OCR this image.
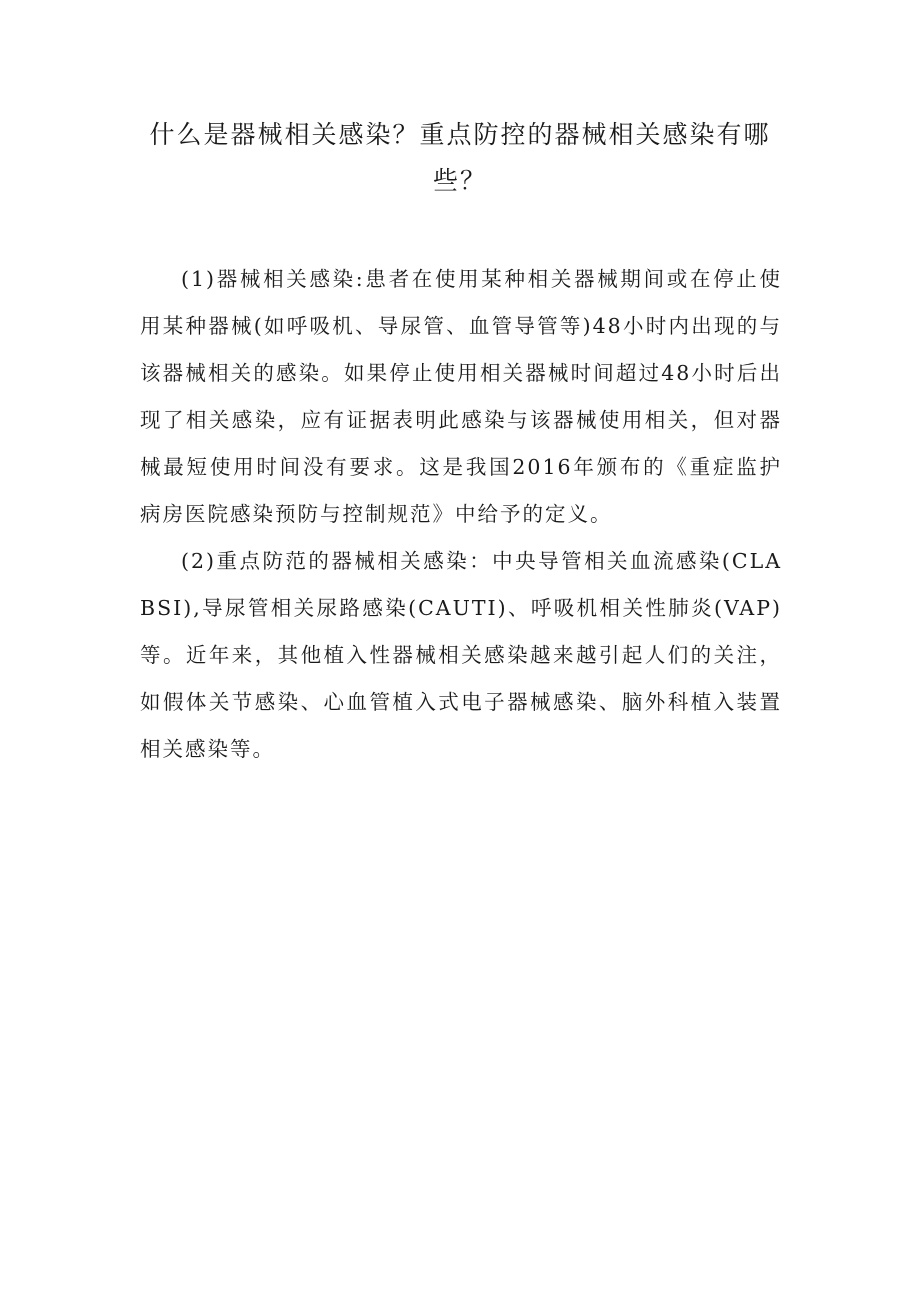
什么是器械相关感染？重点防控的器械相关感染有哪些？

(1)器械相关感染:患者在使用某种相关器械期间或在停止使用某种器械(如呼吸机、导尿管、血管导管等)48小时内出现的与该器械相关的感染。如果停止使用相关器械时间超过48小时后出现了相关感染，应有证据表明此感染与该器械使用相关，但对器械最短使用时间没有要求。这是我国2016年颁布的《重症监护病房医院感染预防与控制规范》中给予的定义。

(2)重点防范的器械相关感染：中央导管相关血流感染(CLABSI),导尿管相关尿路感染(CAUTI)、呼吸机相关性肺炎(VAP)等。近年来，其他植入性器械相关感染越来越引起人们的关注，如假体关节感染、心血管植入式电子器械感染、脑外科植入装置相关感染等。
